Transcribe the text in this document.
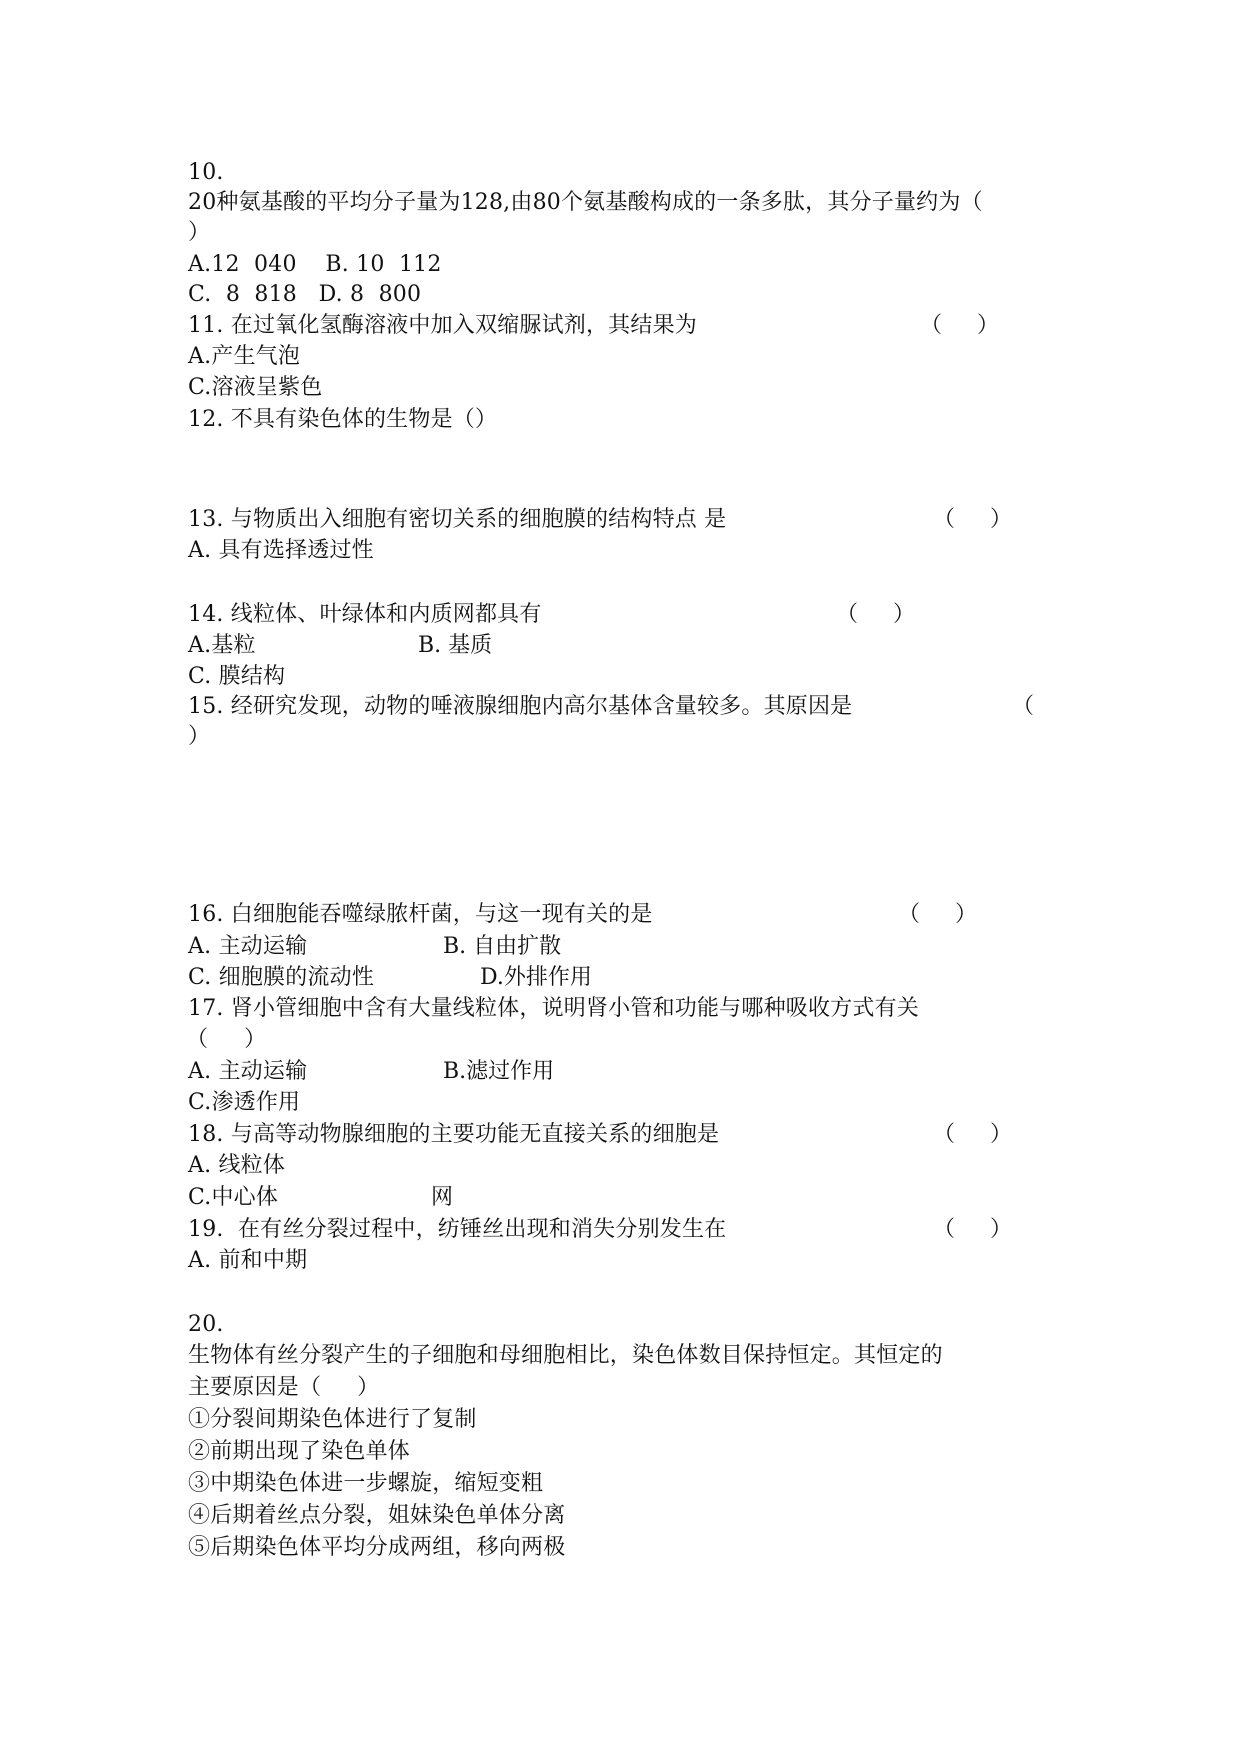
10.
20种氨基酸的平均分子量为128,由80个氨基酸构成的一条多肽，其分子量约为（
）
A.12  040    B. 10  112
C.  8  818   D. 8  800
11. 在过氧化氢酶溶液中加入双缩脲试剂，其结果为	（     ）
A.产生气泡
C.溶液呈紫色
12. 不具有染色体的生物是（）
13. 与物质出入细胞有密切关系的细胞膜的结构特点 是	（     ）
A. 具有选择透过性
14. 线粒体、叶绿体和内质网都具有	（     ）
A.基粒	B. 基质
C. 膜结构
15. 经研究发现，动物的唾液腺细胞内高尔基体含量较多。其原因是	（
）
16. 白细胞能吞噬绿脓杆菌，与这一现有关的是	（     ）
A. 主动运输	B. 自由扩散
C. 细胞膜的流动性	D.外排作用
17. 肾小管细胞中含有大量线粒体，说明肾小管和功能与哪种吸收方式有关
（     ）
A. 主动运输	B.滤过作用
C.渗透作用
18. 与高等动物腺细胞的主要功能无直接关系的细胞是	（     ）
A. 线粒体
C.中心体	网
19.  在有丝分裂过程中，纺锤丝出现和消失分别发生在	（     ）
A. 前和中期
20.
生物体有丝分裂产生的子细胞和母细胞相比，染色体数目保持恒定。其恒定的
主要原因是（     ）
①分裂间期染色体进行了复制
②前期出现了染色单体
③中期染色体进一步螺旋，缩短变粗
④后期着丝点分裂，姐妹染色单体分离
⑤后期染色体平均分成两组，移向两极
